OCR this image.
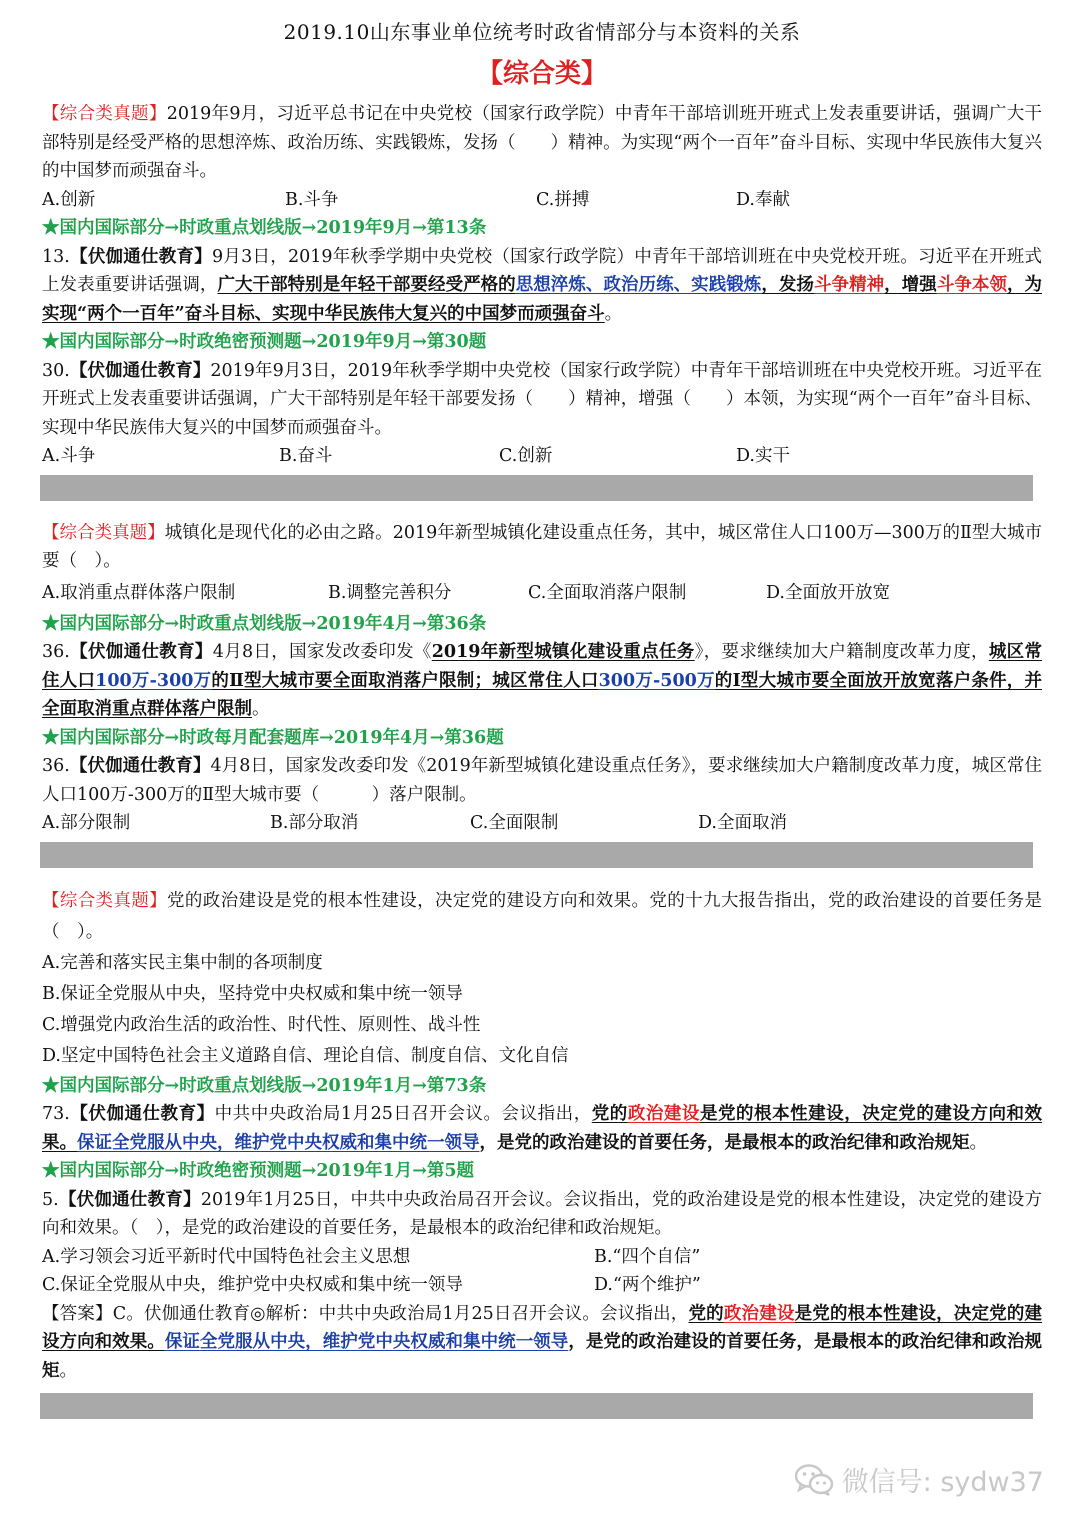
2019.10山东事业单位统考时政省情部分与本资料的关系
【综合类】

【综合类真题】2019年9月，习近平总书记在中央党校（国家行政学院）中青年干部培训班开班式上发表重要讲话，强调广大干部特别是经受严格的思想淬炼、政治历练、实践锻炼，发扬（　　）精神。为实现“两个一百年”奋斗目标、实现中华民族伟大复兴的中国梦而顽强奋斗。

A.创新	B.斗争	C.拼搏	D.奉献

★国内国际部分→时政重点划线版→2019年9月→第13条

13.【伏伽通仕教育】9月3日，2019年秋季学期中央党校（国家行政学院）中青年干部培训班在中央党校开班。习近平在开班式上发表重要讲话强调，广大干部特别是年轻干部要经受严格的思想淬炼、政治历练、实践锻炼，发扬斗争精神，增强斗争本领，为实现“两个一百年”奋斗目标、实现中华民族伟大复兴的中国梦而顽强奋斗。

★国内国际部分→时政绝密预测题→2019年9月→第30题

30.【伏伽通仕教育】2019年9月3日，2019年秋季学期中央党校（国家行政学院）中青年干部培训班在中央党校开班。习近平在开班式上发表重要讲话强调，广大干部特别是年轻干部要发扬（　　）精神，增强（　　）本领，为实现“两个一百年”奋斗目标、实现中华民族伟大复兴的中国梦而顽强奋斗。

A.斗争	B.奋斗	C.创新	D.实干

【综合类真题】城镇化是现代化的必由之路。2019年新型城镇化建设重点任务，其中，城区常住人口100万—300万的Ⅱ型大城市要（　）。

A.取消重点群体落户限制	B.调整完善积分	C.全面取消落户限制	D.全面放开放宽

★国内国际部分→时政重点划线版→2019年4月→第36条

36.【伏伽通仕教育】4月8日，国家发改委印发《2019年新型城镇化建设重点任务》，要求继续加大户籍制度改革力度，城区常住人口100万-300万的Ⅱ型大城市要全面取消落户限制；城区常住人口300万-500万的Ⅰ型大城市要全面放开放宽落户条件，并全面取消重点群体落户限制。

★国内国际部分→时政每月配套题库→2019年4月→第36题

36.【伏伽通仕教育】4月8日，国家发改委印发《2019年新型城镇化建设重点任务》，要求继续加大户籍制度改革力度，城区常住人口100万-300万的Ⅱ型大城市要（　　　）落户限制。

A.部分限制	B.部分取消	C.全面限制	D.全面取消

【综合类真题】党的政治建设是党的根本性建设，决定党的建设方向和效果。党的十九大报告指出，党的政治建设的首要任务是（　）。

A.完善和落实民主集中制的各项制度

B.保证全党服从中央，坚持党中央权威和集中统一领导

C.增强党内政治生活的政治性、时代性、原则性、战斗性

D.坚定中国特色社会主义道路自信、理论自信、制度自信、文化自信

★国内国际部分→时政重点划线版→2019年1月→第73条

73.【伏伽通仕教育】中共中央政治局1月25日召开会议。会议指出，党的政治建设是党的根本性建设，决定党的建设方向和效果。保证全党服从中央，维护党中央权威和集中统一领导，是党的政治建设的首要任务，是最根本的政治纪律和政治规矩。

★国内国际部分→时政绝密预测题→2019年1月→第5题

5.【伏伽通仕教育】2019年1月25日，中共中央政治局召开会议。会议指出，党的政治建设是党的根本性建设，决定党的建设方向和效果。（　），是党的政治建设的首要任务，是最根本的政治纪律和政治规矩。

A.学习领会习近平新时代中国特色社会主义思想	B.“四个自信”
C.保证全党服从中央，维护党中央权威和集中统一领导	D.“两个维护”

【答案】C。伏伽通仕教育◎解析：中共中央政治局1月25日召开会议。会议指出，党的政治建设是党的根本性建设，决定党的建设方向和效果。保证全党服从中央，维护党中央权威和集中统一领导，是党的政治建设的首要任务，是最根本的政治纪律和政治规矩。

微信号: sydw37
